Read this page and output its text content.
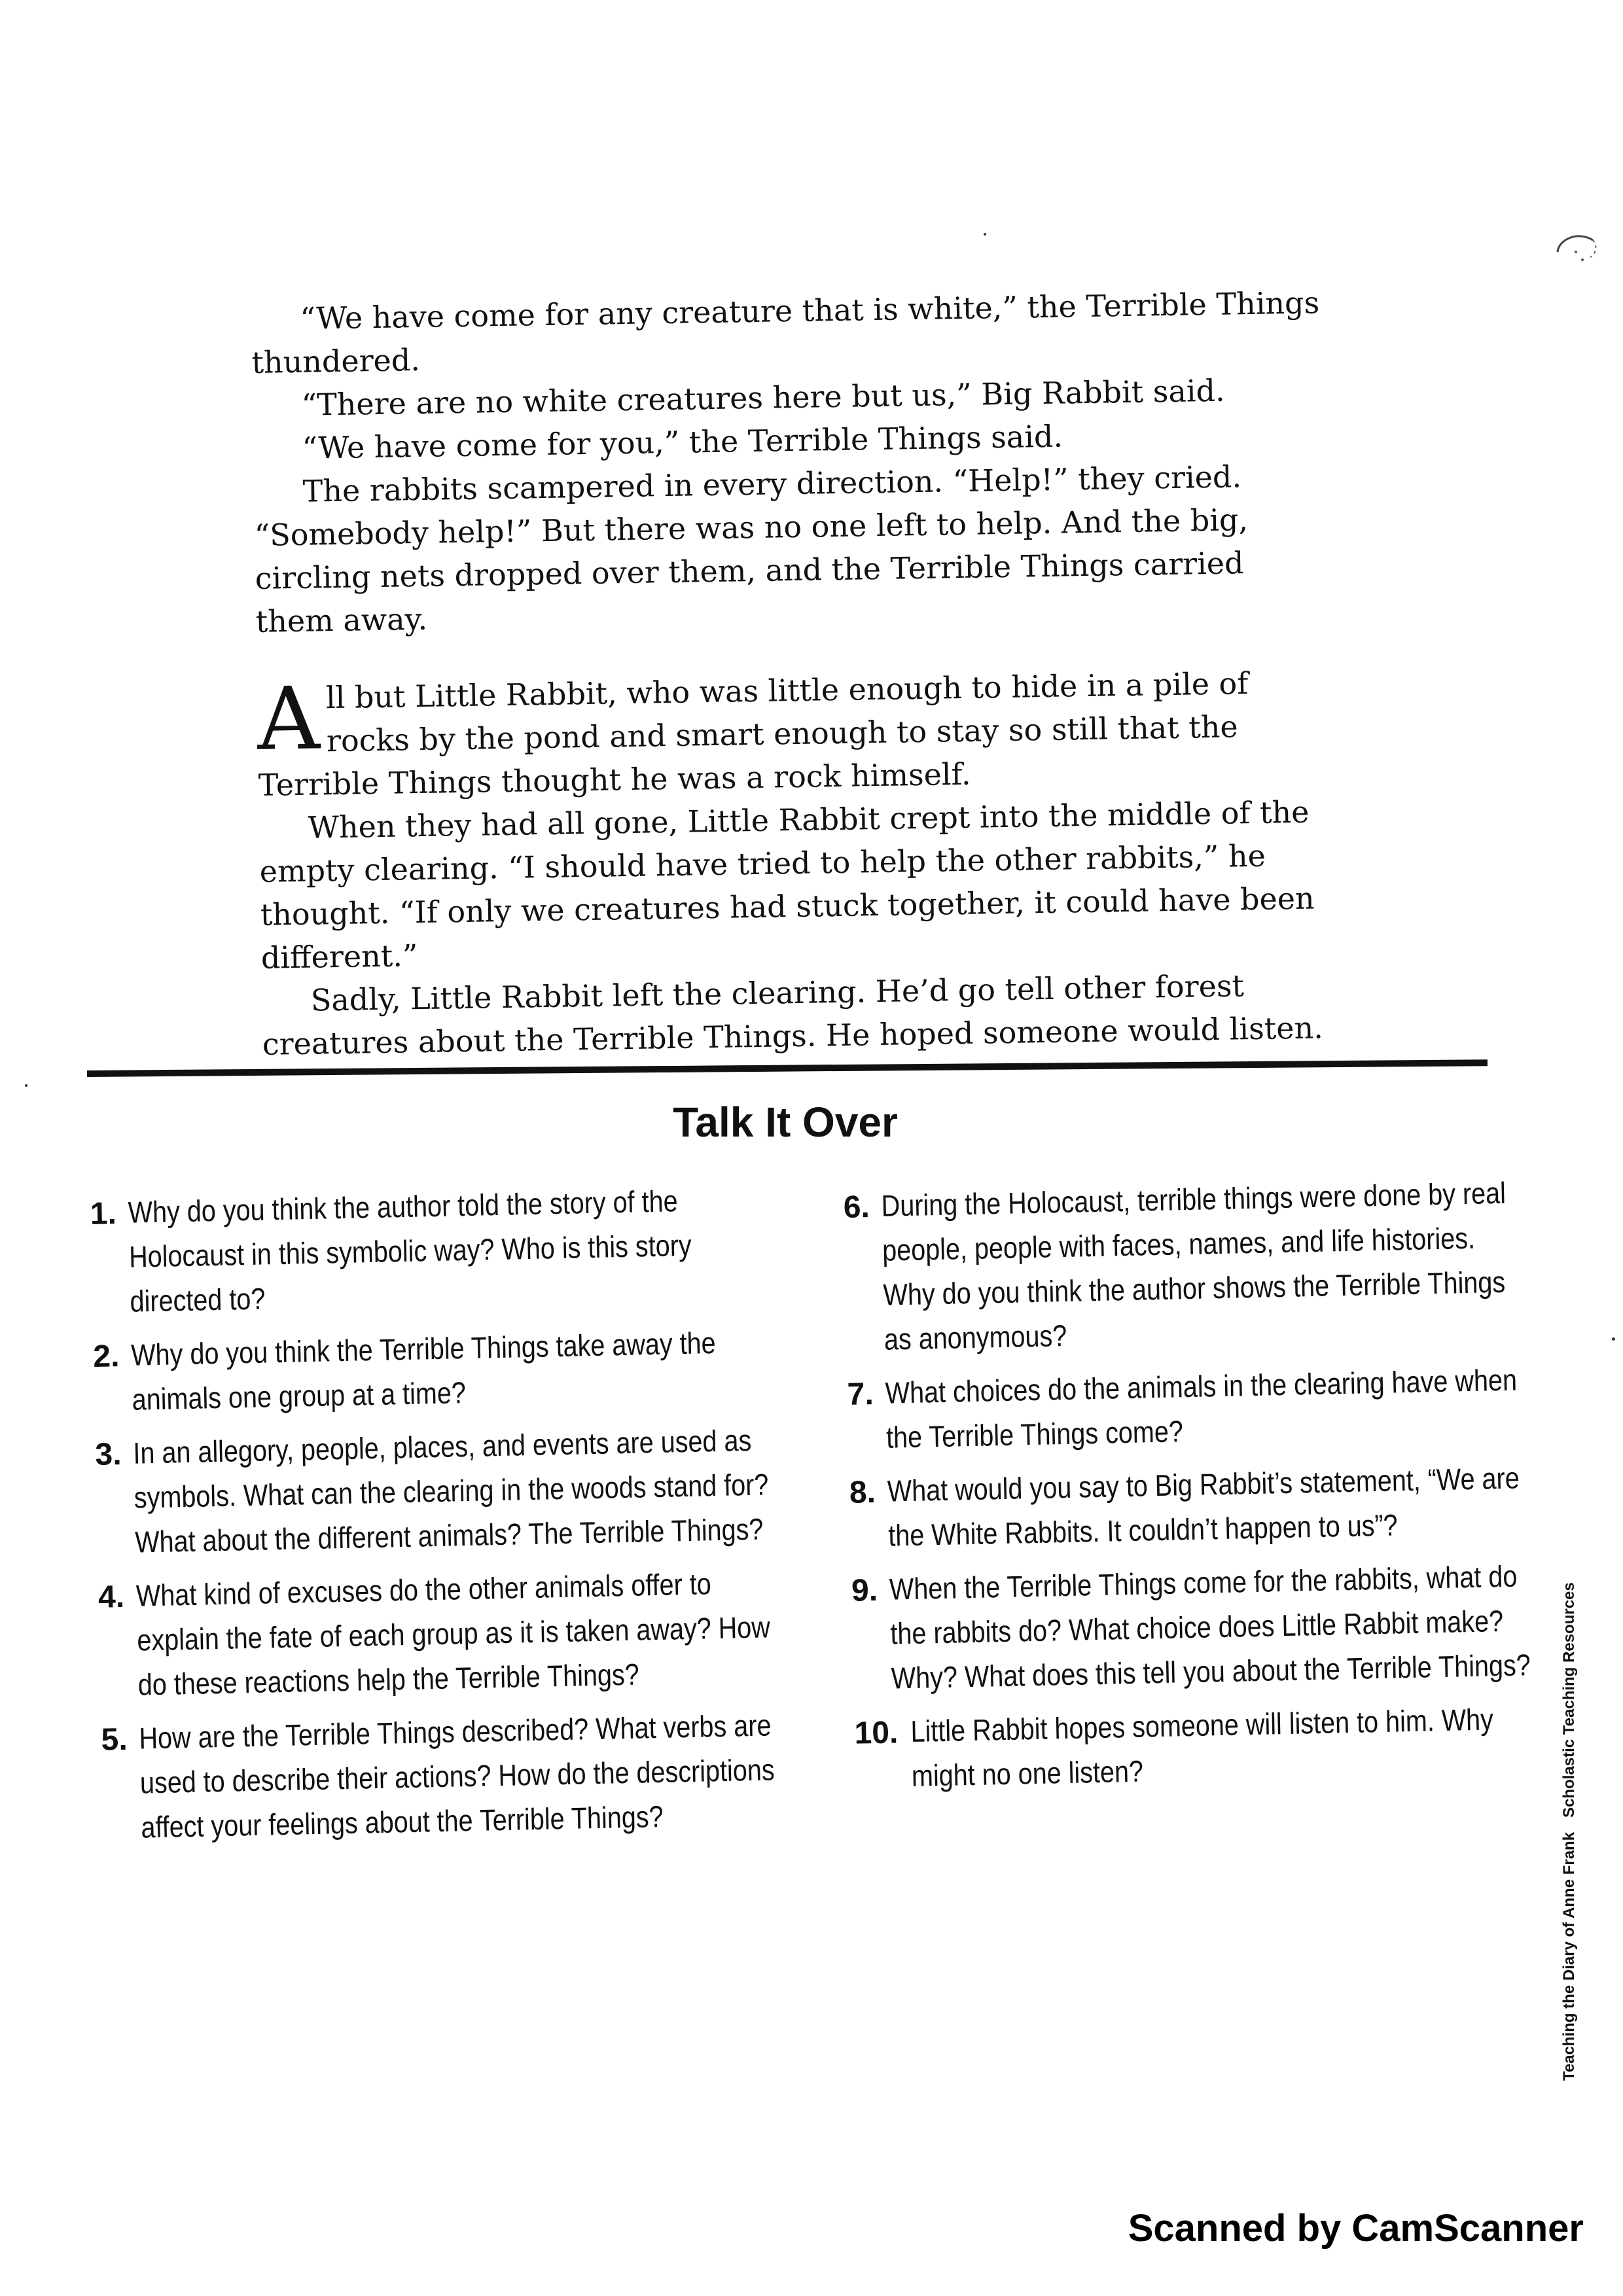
“We have come for any creature that is white,” the Terrible Things thundered.

“There are no white creatures here but us,” Big Rabbit said.

“We have come for you,” the Terrible Things said.

The rabbits scampered in every direction. “Help!” they cried. “Somebody help!” But there was no one left to help. And the big, circling nets dropped over them, and the Terrible Things carried them away.

All but Little Rabbit, who was little enough to hide in a pile of rocks by the pond and smart enough to stay so still that the Terrible Things thought he was a rock himself.

When they had all gone, Little Rabbit crept into the middle of the empty clearing. “I should have tried to help the other rabbits,” he thought. “If only we creatures had stuck together, it could have been different.”

Sadly, Little Rabbit left the clearing. He’d go tell other forest creatures about the Terrible Things. He hoped someone would listen.

Talk It Over
1. Why do you think the author told the story of the Holocaust in this symbolic way? Who is this story directed to?
2. Why do you think the Terrible Things take away the animals one group at a time?
3. In an allegory, people, places, and events are used as symbols. What can the clearing in the woods stand for? What about the different animals? The Terrible Things?
4. What kind of excuses do the other animals offer to explain the fate of each group as it is taken away? How do these reactions help the Terrible Things?
5. How are the Terrible Things described? What verbs are used to describe their actions? How do the descriptions affect your feelings about the Terrible Things?
6. During the Holocaust, terrible things were done by real people, people with faces, names, and life histories. Why do you think the author shows the Terrible Things as anonymous?
7. What choices do the animals in the clearing have when the Terrible Things come?
8. What would you say to Big Rabbit’s statement, “We are the White Rabbits. It couldn’t happen to us”?
9. When the Terrible Things come for the rabbits, what do the rabbits do? What choice does Little Rabbit make? Why? What does this tell you about the Terrible Things?
10. Little Rabbit hopes someone will listen to him. Why might no one listen?
Teaching the Diary of Anne FrankScholastic Teaching Resources
Scanned by CamScanner
